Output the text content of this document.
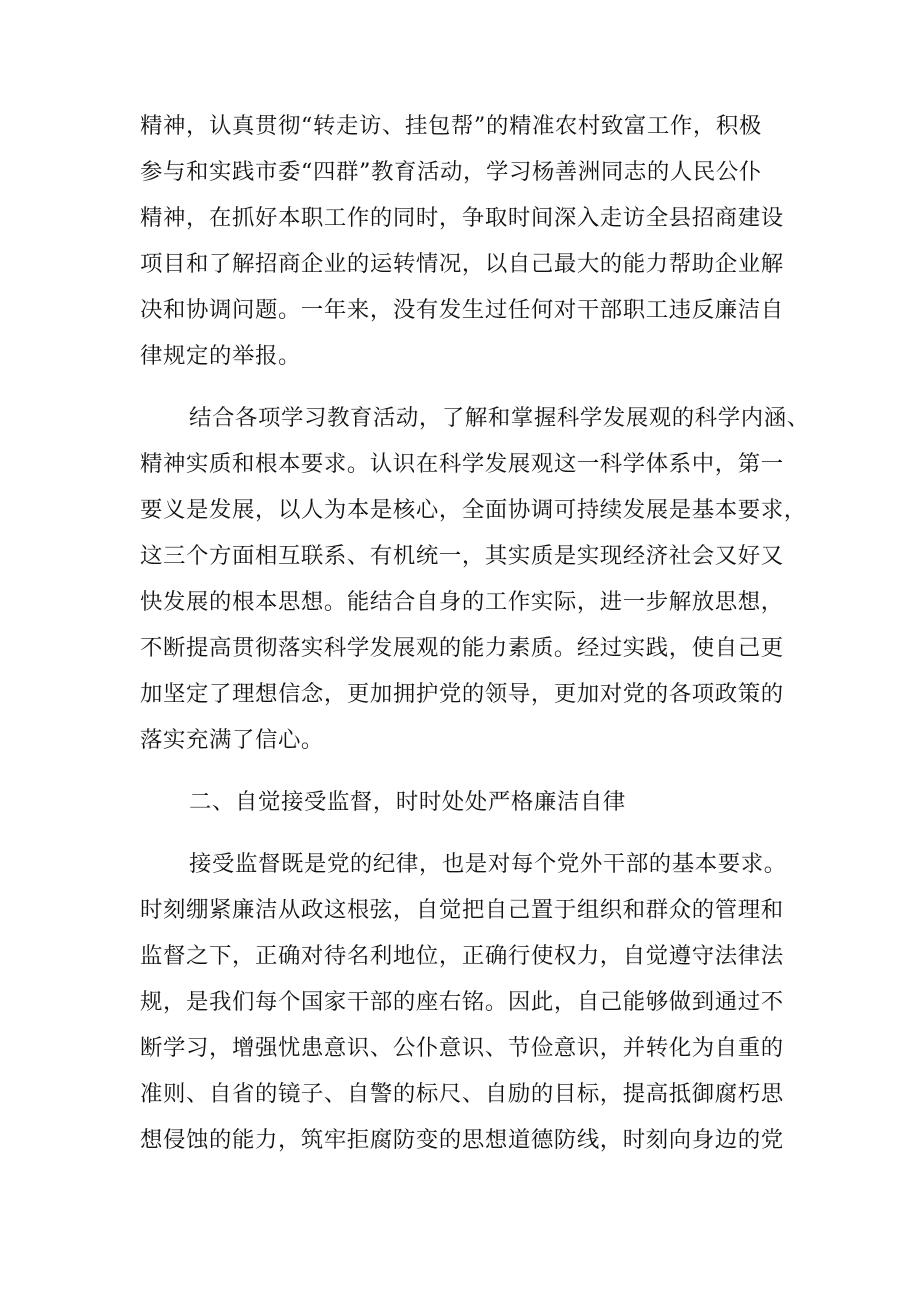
精神，认真贯彻“转走访、挂包帮”的精准农村致富工作，积极
参与和实践市委“四群”教育活动，学习杨善洲同志的人民公仆
精神，在抓好本职工作的同时，争取时间深入走访全县招商建设
项目和了解招商企业的运转情况，以自己最大的能力帮助企业解
决和协调问题。一年来，没有发生过任何对干部职工违反廉洁自
律规定的举报。
结合各项学习教育活动，了解和掌握科学发展观的科学内涵、
精神实质和根本要求。认识在科学发展观这一科学体系中，第一
要义是发展，以人为本是核心，全面协调可持续发展是基本要求，
这三个方面相互联系、有机统一，其实质是实现经济社会又好又
快发展的根本思想。能结合自身的工作实际，进一步解放思想，
不断提高贯彻落实科学发展观的能力素质。经过实践，使自己更
加坚定了理想信念，更加拥护党的领导，更加对党的各项政策的
落实充满了信心。
二、自觉接受监督，时时处处严格廉洁自律
接受监督既是党的纪律，也是对每个党外干部的基本要求。
时刻绷紧廉洁从政这根弦，自觉把自己置于组织和群众的管理和
监督之下，正确对待名利地位，正确行使权力，自觉遵守法律法
规，是我们每个国家干部的座右铭。因此，自己能够做到通过不
断学习，增强忧患意识、公仆意识、节俭意识，并转化为自重的
准则、自省的镜子、自警的标尺、自励的目标，提高抵御腐朽思
想侵蚀的能力，筑牢拒腐防变的思想道德防线，时刻向身边的党
